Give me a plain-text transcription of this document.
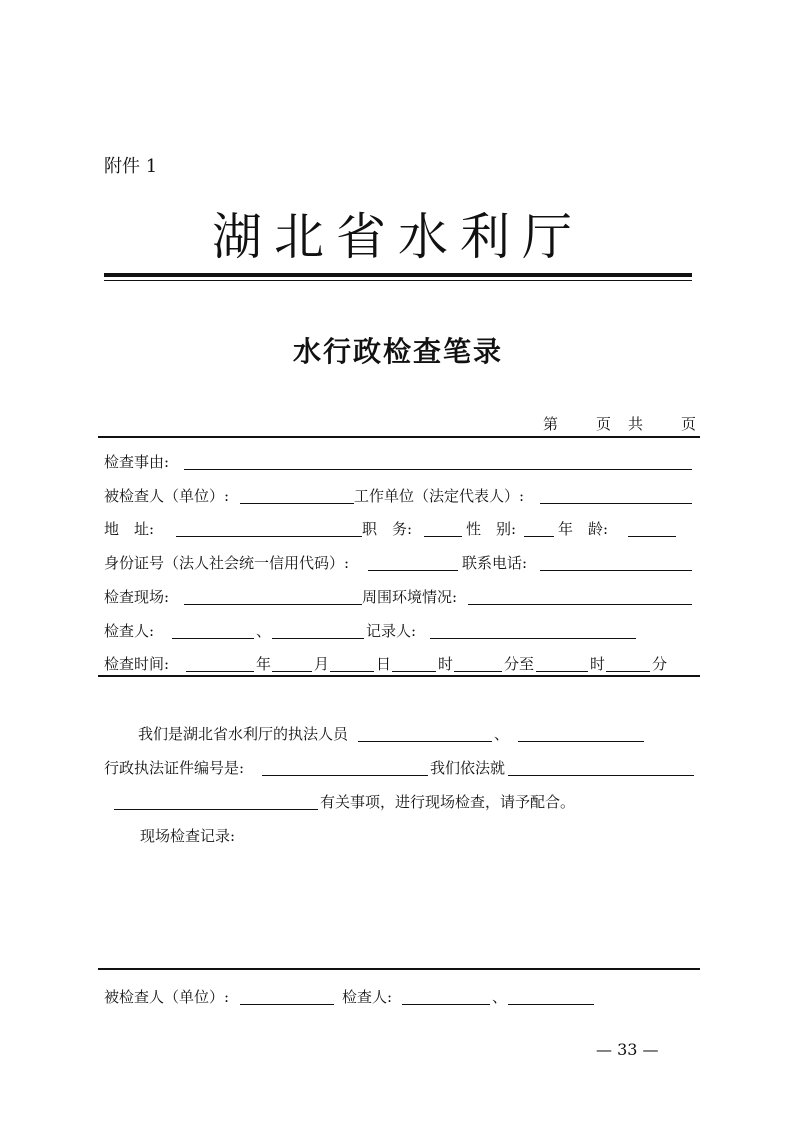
附件 1
湖北省水利厅
水行政检查笔录
第	页 共	页
检查事由:
被检查人（单位）:	工作单位（法定代表人）:
地　址:	职　务:	性　别:	年　龄:
身份证号（法人社会统一信用代码）:	联系电话:
检查现场:	周围环境情况:
检查人:	、	记录人:
检查时间:	年	月	日	时	分至	时	分
我们是湖北省水利厅的执法人员	、
行政执法证件编号是:	我们依法就
有关事项，进行现场检查，请予配合。
现场检查记录:
被检查人（单位）:	检查人:	、
— 33 —
